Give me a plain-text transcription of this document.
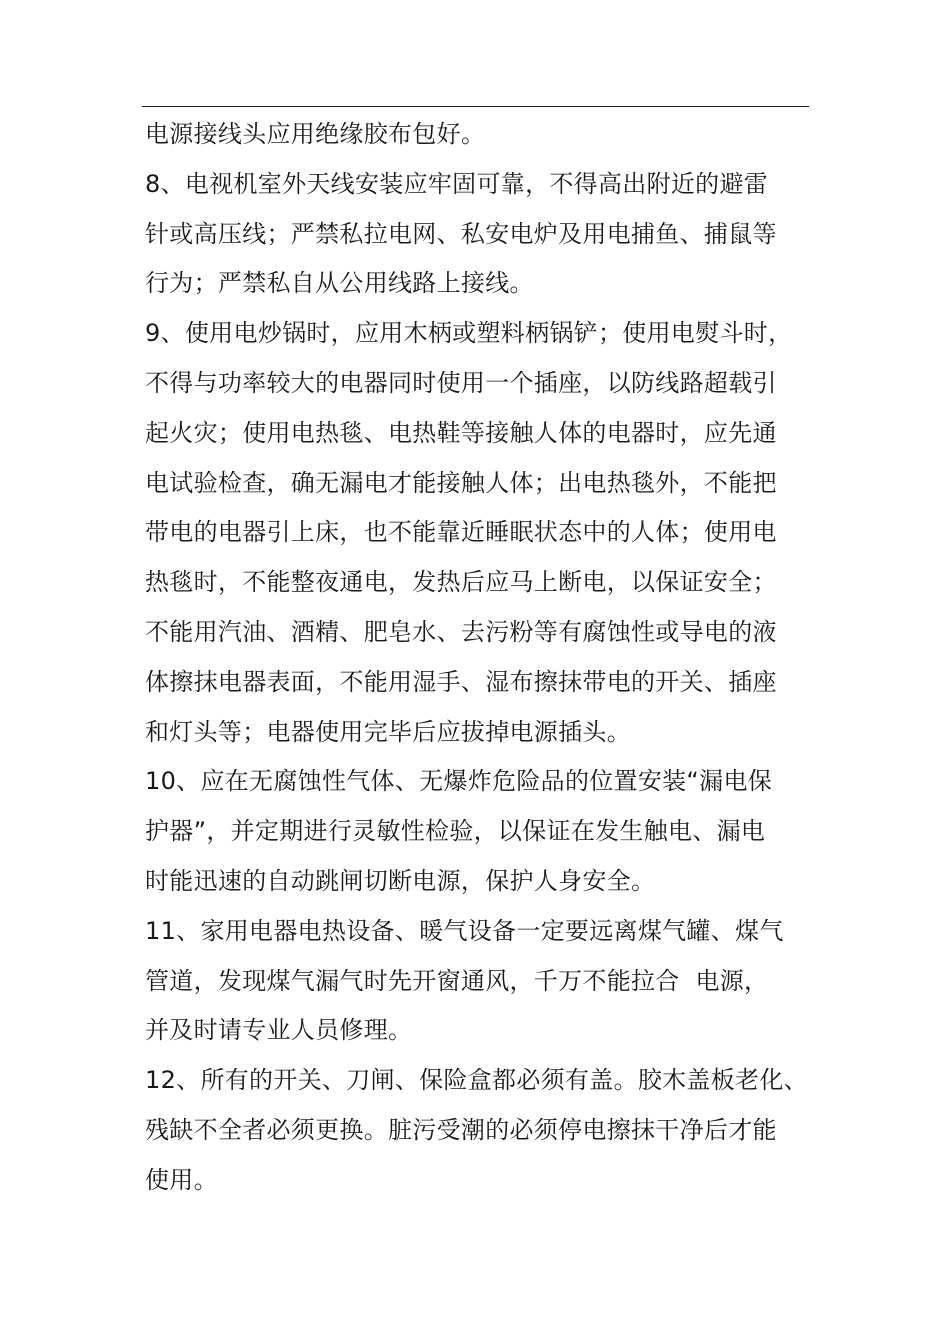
电源接线头应用绝缘胶布包好。

8、电视机室外天线安装应牢固可靠，不得高出附近的避雷
针或高压线；严禁私拉电网、私安电炉及用电捕鱼、捕鼠等
行为；严禁私自从公用线路上接线。

9、使用电炒锅时，应用木柄或塑料柄锅铲；使用电熨斗时，
不得与功率较大的电器同时使用一个插座，以防线路超载引
起火灾；使用电热毯、电热鞋等接触人体的电器时，应先通
电试验检查，确无漏电才能接触人体；出电热毯外，不能把
带电的电器引上床，也不能靠近睡眠状态中的人体；使用电
热毯时，不能整夜通电，发热后应马上断电，以保证安全；
不能用汽油、酒精、肥皂水、去污粉等有腐蚀性或导电的液
体擦抹电器表面，不能用湿手、湿布擦抹带电的开关、插座
和灯头等；电器使用完毕后应拔掉电源插头。

10、应在无腐蚀性气体、无爆炸危险品的位置安装“漏电保
护器”，并定期进行灵敏性检验，以保证在发生触电、漏电
时能迅速的自动跳闸切断电源，保护人身安全。

11、家用电器电热设备、暖气设备一定要远离煤气罐、煤气
管道，发现煤气漏气时先开窗通风，千万不能拉合  电源，
并及时请专业人员修理。

12、所有的开关、刀闸、保险盒都必须有盖。胶木盖板老化、
残缺不全者必须更换。脏污受潮的必须停电擦抹干净后才能
使用。
